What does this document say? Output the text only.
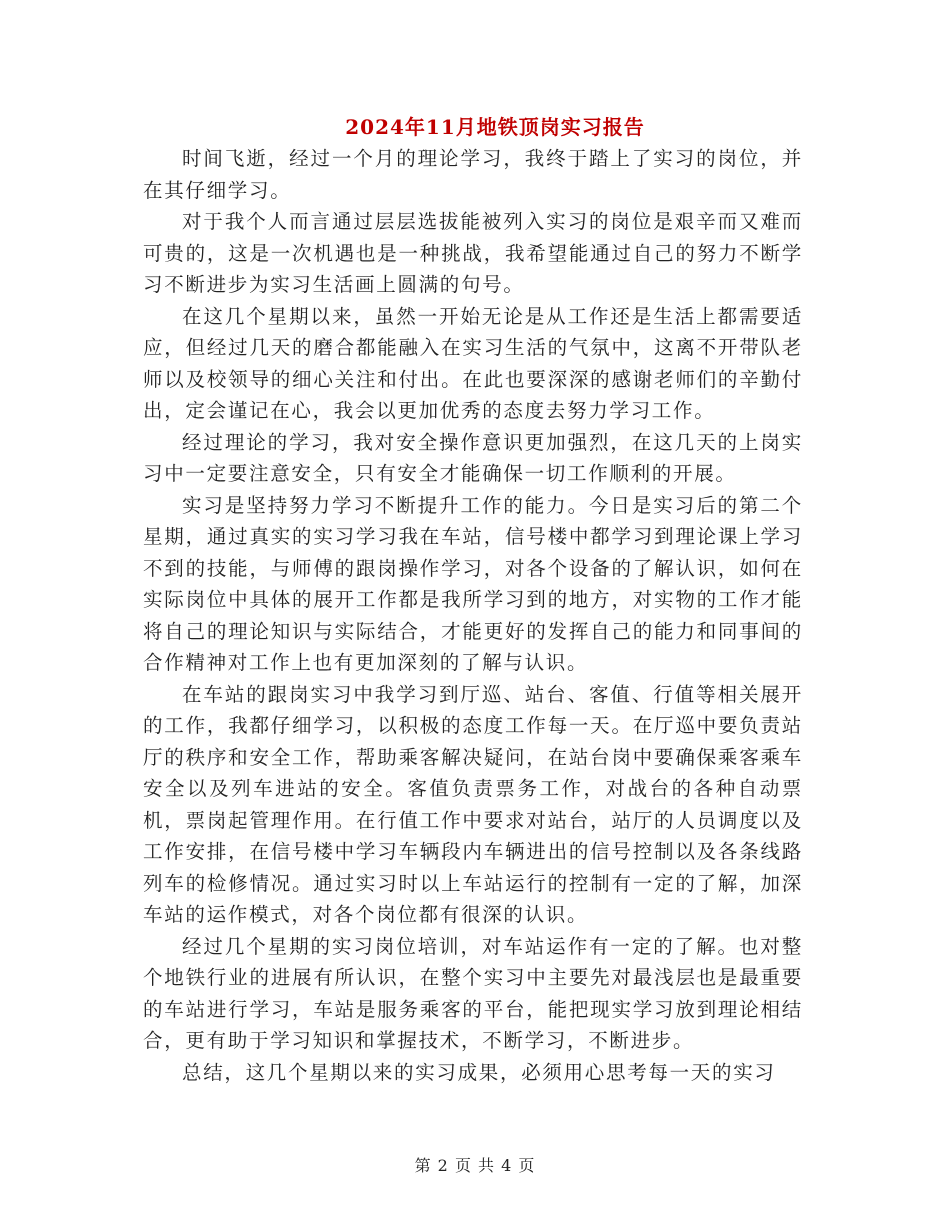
2024年11月地铁顶岗实习报告

时间飞逝，经过一个月的理论学习，我终于踏上了实习的岗位，并在其仔细学习。

对于我个人而言通过层层选拔能被列入实习的岗位是艰辛而又难而可贵的，这是一次机遇也是一种挑战，我希望能通过自己的努力不断学习不断进步为实习生活画上圆满的句号。

在这几个星期以来，虽然一开始无论是从工作还是生活上都需要适应，但经过几天的磨合都能融入在实习生活的气氛中，这离不开带队老师以及校领导的细心关注和付出。在此也要深深的感谢老师们的辛勤付出，定会谨记在心，我会以更加优秀的态度去努力学习工作。

经过理论的学习，我对安全操作意识更加强烈，在这几天的上岗实习中一定要注意安全，只有安全才能确保一切工作顺利的开展。

实习是坚持努力学习不断提升工作的能力。今日是实习后的第二个星期，通过真实的实习学习我在车站，信号楼中都学习到理论课上学习不到的技能，与师傅的跟岗操作学习，对各个设备的了解认识，如何在实际岗位中具体的展开工作都是我所学习到的地方，对实物的工作才能将自己的理论知识与实际结合，才能更好的发挥自己的能力和同事间的合作精神对工作上也有更加深刻的了解与认识。

在车站的跟岗实习中我学习到厅巡、站台、客值、行值等相关展开的工作，我都仔细学习，以积极的态度工作每一天。在厅巡中要负责站厅的秩序和安全工作，帮助乘客解决疑问，在站台岗中要确保乘客乘车安全以及列车进站的安全。客值负责票务工作，对战台的各种自动票机，票岗起管理作用。在行值工作中要求对站台，站厅的人员调度以及工作安排，在信号楼中学习车辆段内车辆进出的信号控制以及各条线路列车的检修情况。通过实习时以上车站运行的控制有一定的了解，加深车站的运作模式，对各个岗位都有很深的认识。

经过几个星期的实习岗位培训，对车站运作有一定的了解。也对整个地铁行业的进展有所认识，在整个实习中主要先对最浅层也是最重要的车站进行学习，车站是服务乘客的平台，能把现实学习放到理论相结合，更有助于学习知识和掌握技术，不断学习，不断进步。

总结，这几个星期以来的实习成果，必须用心思考每一天的实习

第 2 页 共 4 页
